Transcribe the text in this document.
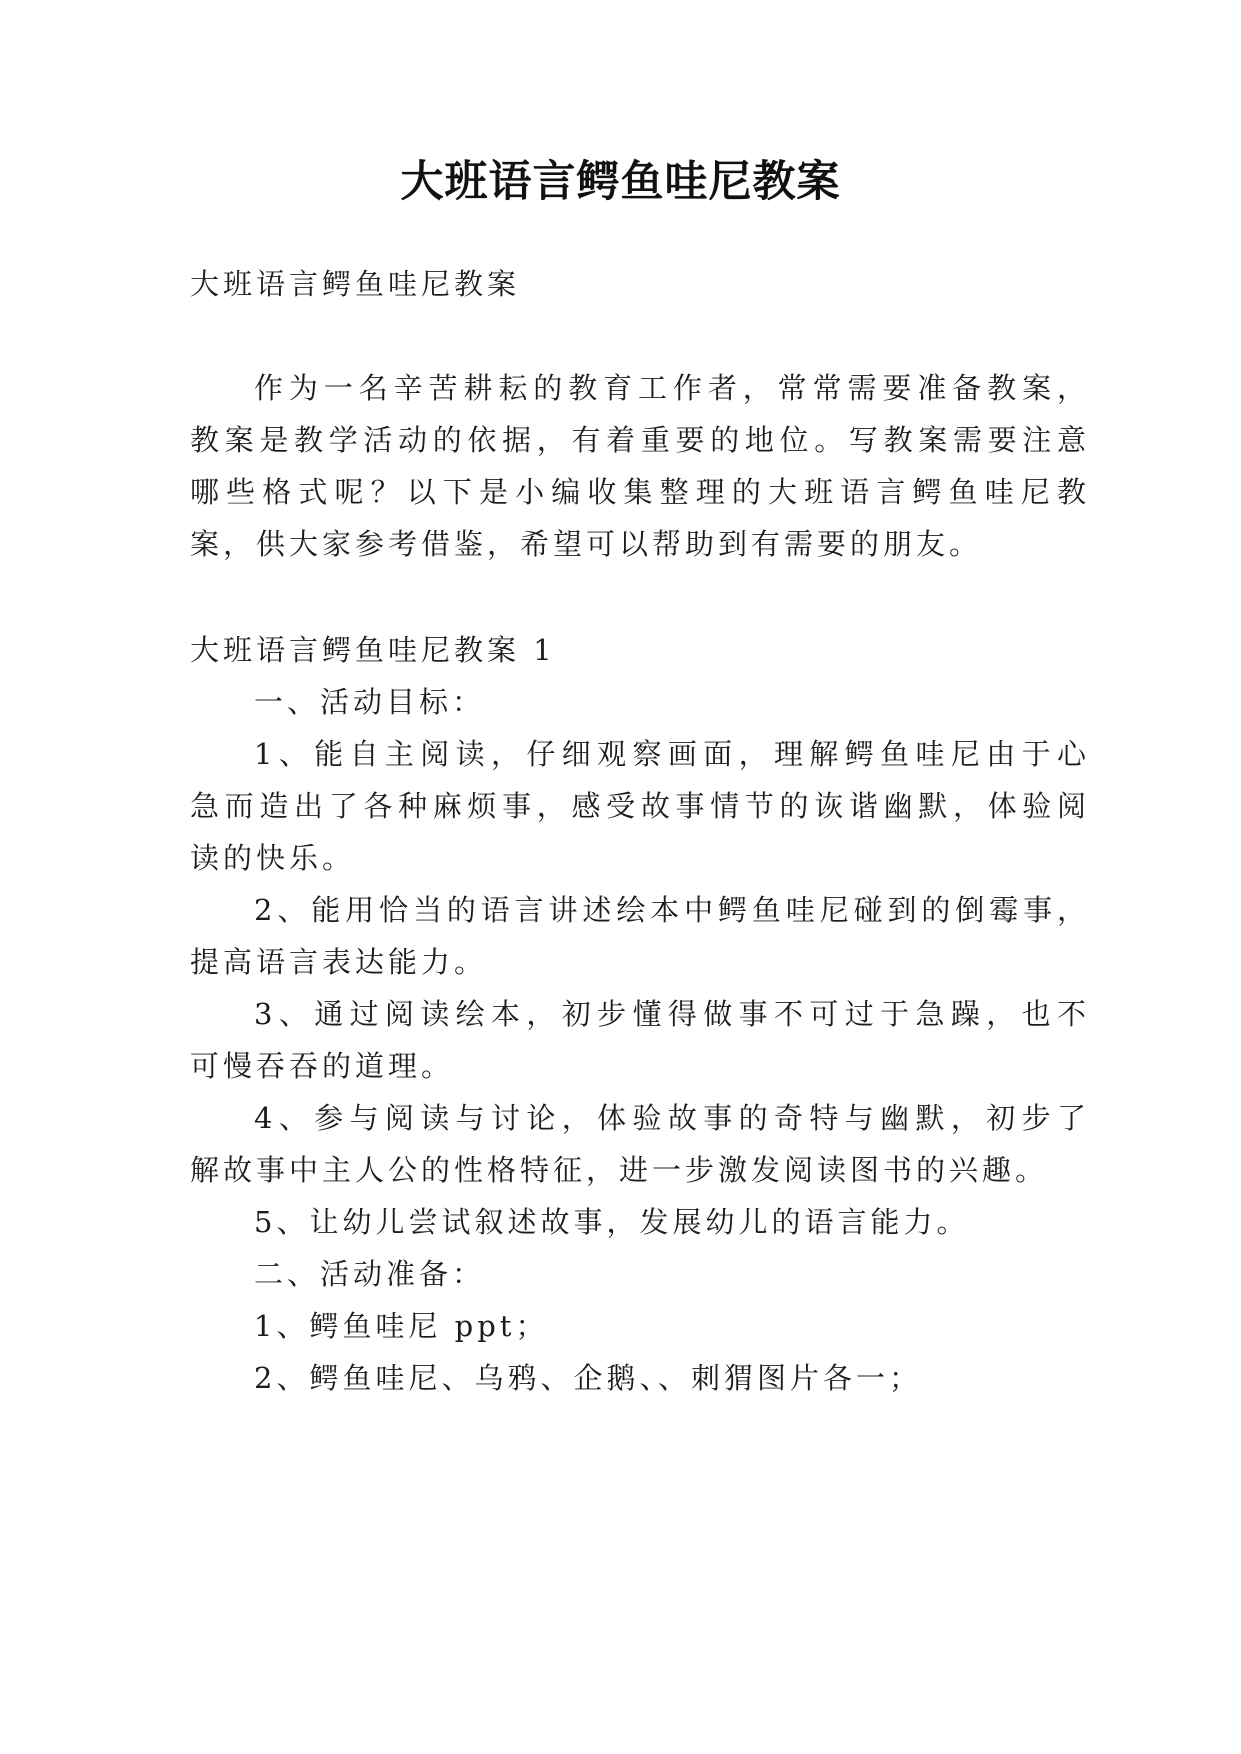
大班语言鳄鱼哇尼教案
大班语言鳄鱼哇尼教案
作为一名辛苦耕耘的教育工作者，常常需要准备教案，
教案是教学活动的依据，有着重要的地位。写教案需要注意
哪些格式呢？以下是小编收集整理的大班语言鳄鱼哇尼教
案，供大家参考借鉴，希望可以帮助到有需要的朋友。
大班语言鳄鱼哇尼教案 1
一、活动目标：
1、能自主阅读，仔细观察画面，理解鳄鱼哇尼由于心
急而造出了各种麻烦事，感受故事情节的诙谐幽默，体验阅
读的快乐。
2、能用恰当的语言讲述绘本中鳄鱼哇尼碰到的倒霉事，
提高语言表达能力。
3、通过阅读绘本，初步懂得做事不可过于急躁，也不
可慢吞吞的道理。
4、参与阅读与讨论，体验故事的奇特与幽默，初步了
解故事中主人公的性格特征，进一步激发阅读图书的兴趣。
5、让幼儿尝试叙述故事，发展幼儿的语言能力。
二、活动准备：
1、鳄鱼哇尼 ppt；
2、鳄鱼哇尼、乌鸦、企鹅、、刺猬图片各一；
